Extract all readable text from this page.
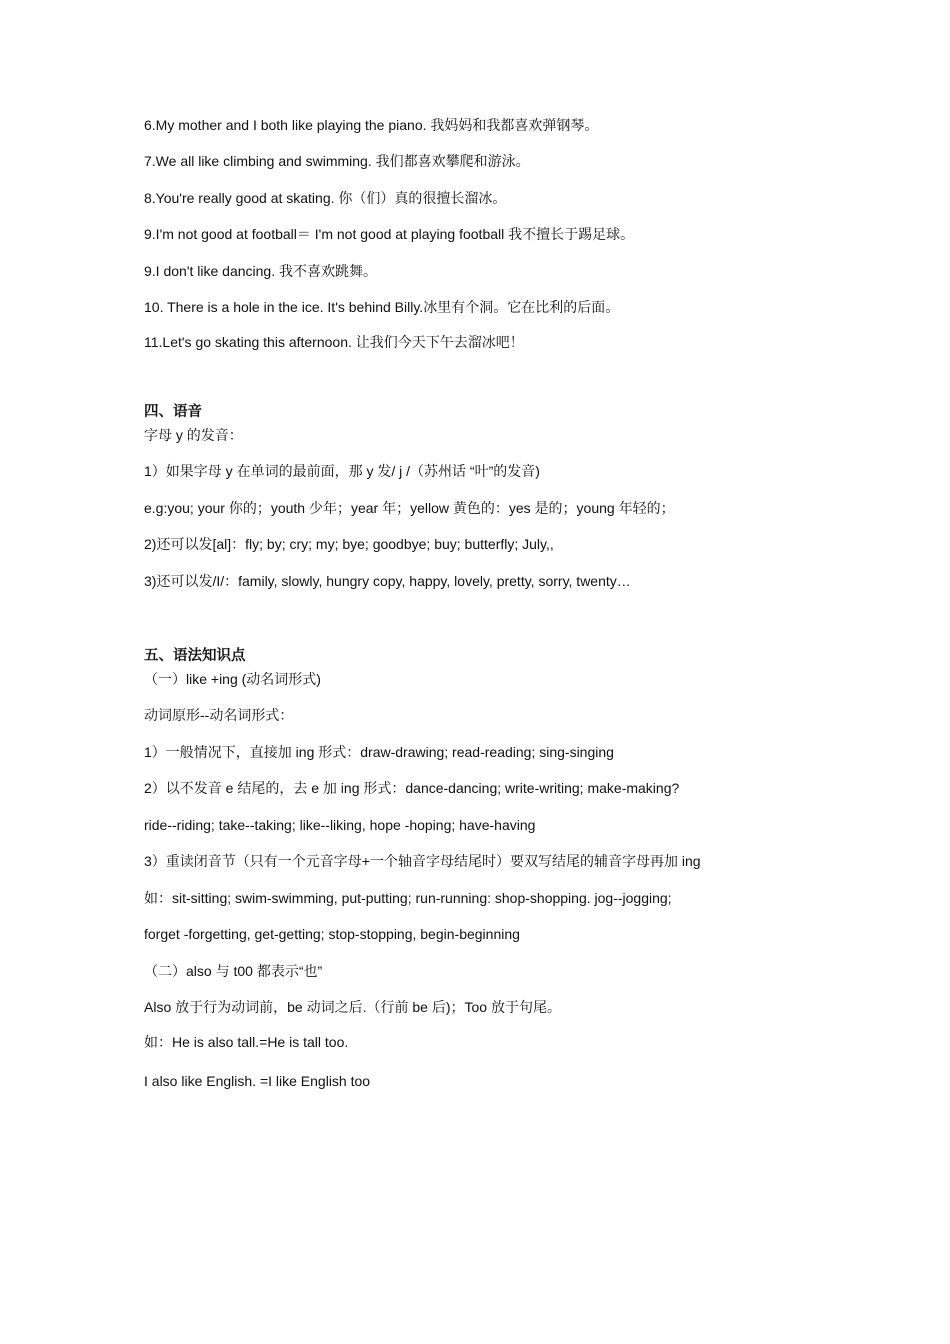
6.My mother and I both like playing the piano. 我妈妈和我都喜欢弹钢琴。
7.We all like climbing and swimming. 我们都喜欢攀爬和游泳。
8.You're really good at skating. 你（们）真的很擅长溜冰。
9.I'm not good at football＝ I'm not good at playing football 我不擅长于踢足球。
9.I don't like dancing. 我不喜欢跳舞。
10. There is a hole in the ice. It's behind Billy.冰里有个洞。它在比利的后面。
11.Let's go skating this afternoon. 让我们今天下午去溜冰吧！
四、语音
字母 y 的发音：
1）如果字母 y 在单词的最前面，那 y 发/ j /（苏州话 “叶”的发音)
e.g:you; your 你的；youth 少年；year 年；yellow 黄色的：yes 是的；young 年轻的；
2)还可以发[al]：fly; by; cry; my; bye; goodbye; buy; butterfly; July,,
3)还可以发/I/：family, slowly, hungry copy, happy, lovely, pretty, sorry, twenty…
五、语法知识点
（一）like +ing (动名词形式)
动词原形--动名词形式：
1）一般情况下，直接加 ing 形式：draw-drawing; read-reading; sing-singing
2）以不发音 e 结尾的，去 e 加 ing 形式：dance-dancing; write-writing; make-making?
ride--riding; take--taking; like--liking, hope -hoping; have-having
3）重读闭音节（只有一个元音字母+一个轴音字母结尾时）要双写结尾的辅音字母再加 ing
如：sit-sitting; swim-swimming, put-putting; run-running: shop-shopping. jog--jogging;
forget -forgetting, get-getting; stop-stopping, begin-beginning
（二）also 与 t00 都表示“也”
Also 放于行为动词前，be 动词之后.（行前 be 后)；Too 放于句尾。
如：He is also tall.=He is tall too.
I also like English. =I like English too
